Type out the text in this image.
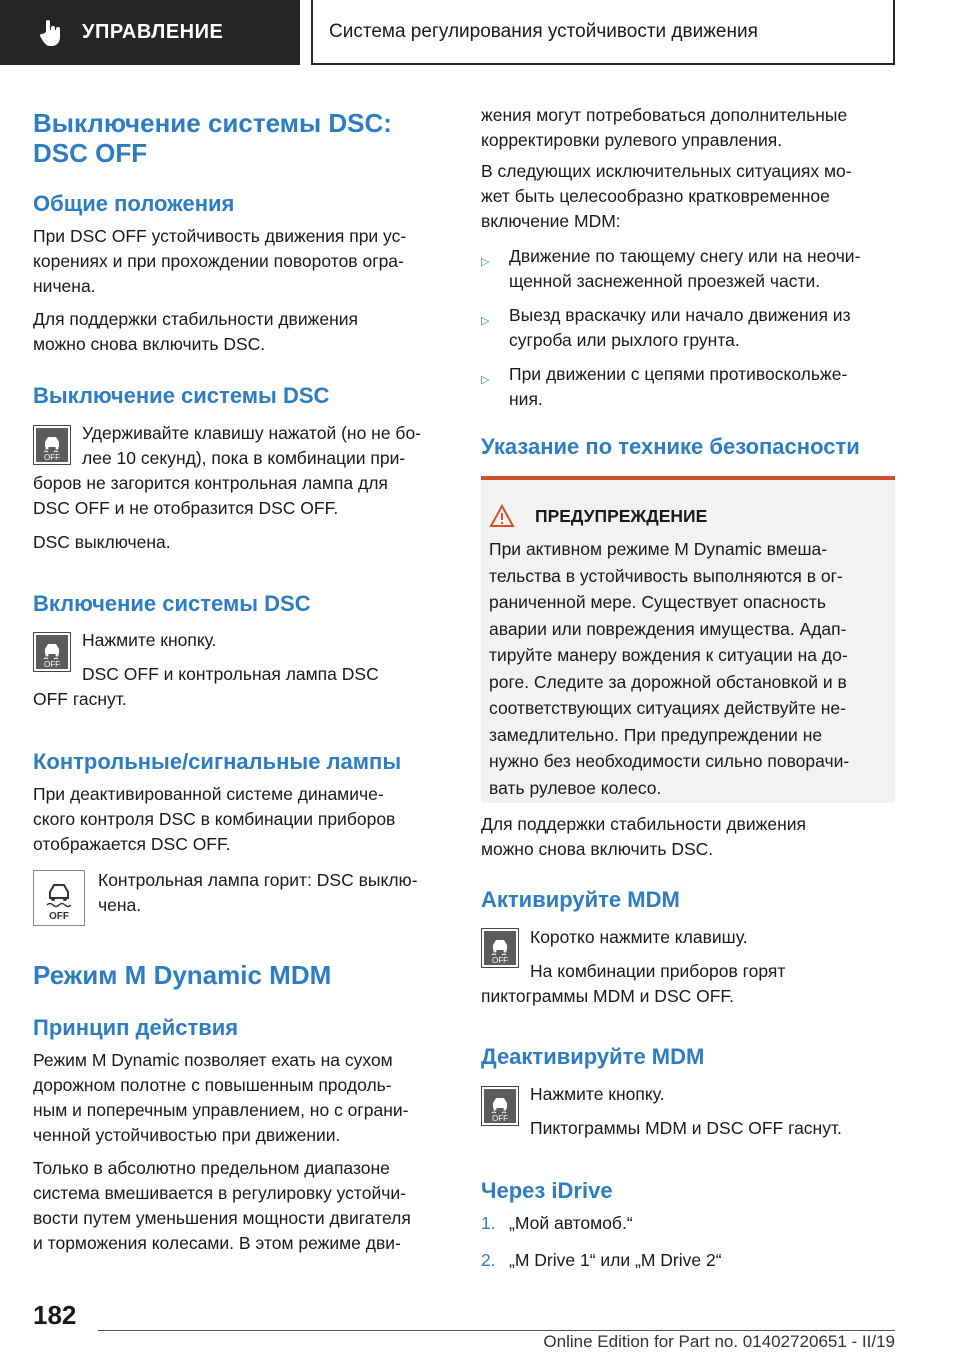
УПРАВЛЕНИЕ	Система регулирования устойчивости движения
Выключение системы DSC:
DSC OFF
Общие положения

При DSC OFF устойчивость движения при ус-

корениях и при прохождении поворотов огра-

ничена.

Для поддержки стабильности движения

можно снова включить DSC.

Выключение системы DSC
OFF

Удерживайте клавишу нажатой (но не бо-

лее 10 секунд), пока в комбинации при-

боров не загорится контрольная лампа для

DSC OFF и не отобразится DSC OFF.

DSC выключена.

Включение системы DSC
OFF

Нажмите кнопку.

DSC OFF и контрольная лампа DSC

OFF гаснут.

Контрольные/сигнальные лампы

При деактивированной системе динамиче-

ского контроля DSC в комбинации приборов

отображается DSC OFF.

OFF

Контрольная лампа горит: DSC выклю-

чена.

Режим M Dynamic MDM
Принцип действия

Режим M Dynamic позволяет ехать на сухом

дорожном полотне с повышенным продоль-

ным и поперечным управлением, но с ограни-

ченной устойчивостью при движении.

Только в абсолютно предельном диапазоне

система вмешивается в регулировку устойчи-

вости путем уменьшения мощности двигателя

и торможения колесами. В этом режиме дви-

жения могут потребоваться дополнительные

корректировки рулевого управления.

В следующих исключительных ситуациях мо-

жет быть целесообразно кратковременное

включение MDM:

▷ Движение по тающему снегу или на неочи-
щенной заснеженной проезжей части.
▷ Выезд враскачку или начало движения из
сугроба или рыхлого грунта.
▷ При движении с цепями противоскольже-
ния.
Указание по технике безопасности
ПРЕДУПРЕЖДЕНИЕ
При активном режиме M Dynamic вмеша-
тельства в устойчивость выполняются в ог-
раниченной мере. Существует опасность
аварии или повреждения имущества. Адап-
тируйте манеру вождения к ситуации на до-
роге. Следите за дорожной обстановкой и в
соответствующих ситуациях действуйте не-
замедлительно. При предупреждении не
нужно без необходимости сильно поворачи-
вать рулевое колесо.

Для поддержки стабильности движения

можно снова включить DSC.

Активируйте MDM
OFF

Коротко нажмите клавишу.

На комбинации приборов горят

пиктограммы MDM и DSC OFF.

Деактивируйте MDM
OFF

Нажмите кнопку.

Пиктограммы MDM и DSC OFF гаснут.

Через iDrive
1. „Мой автомоб.“
2. „M Drive 1“ или „M Drive 2“
182
Online Edition for Part no. 01402720651 - II/19
